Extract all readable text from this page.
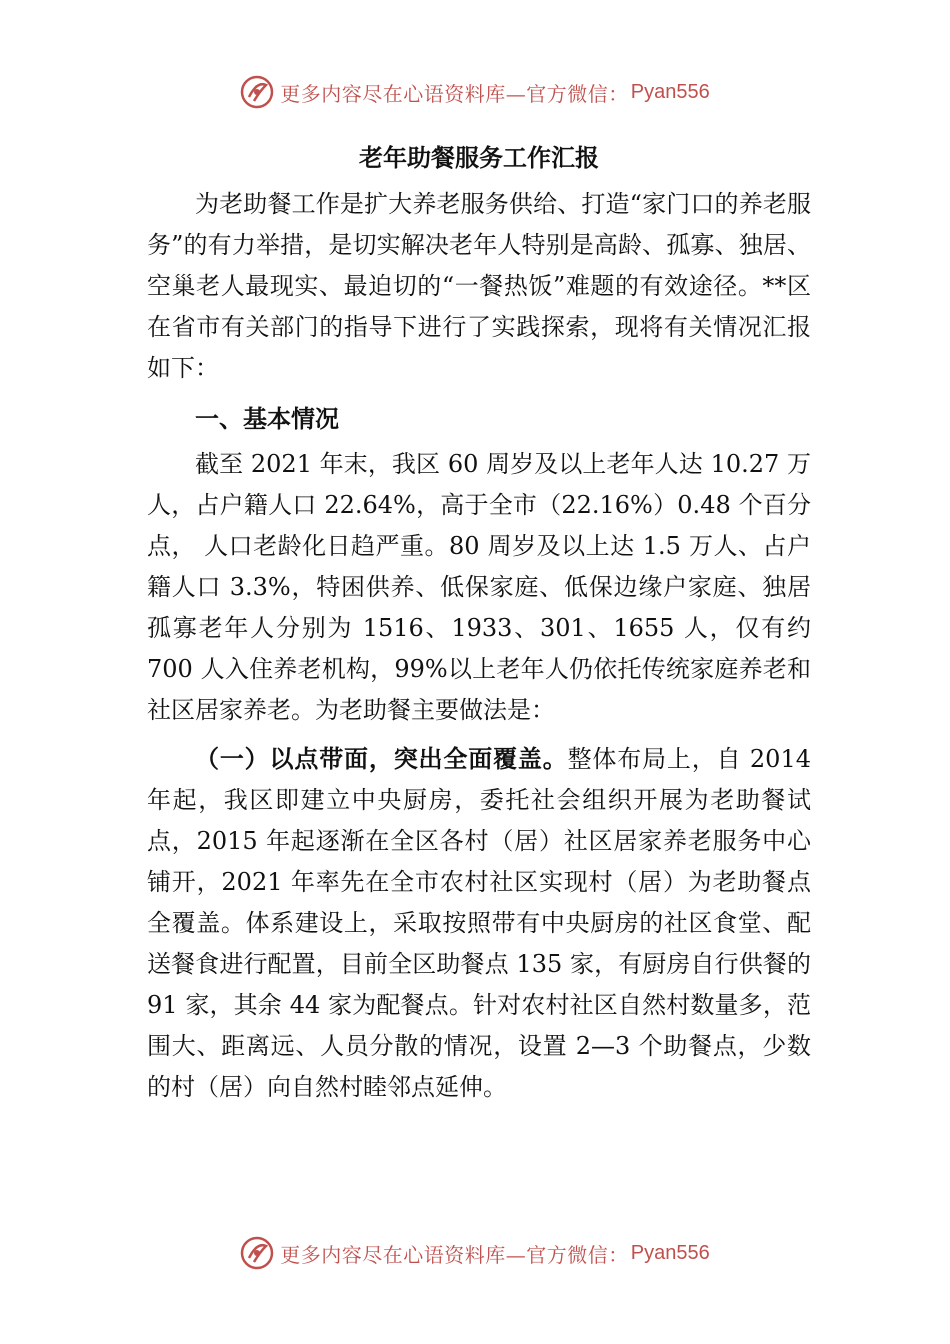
更多内容尽在心语资料库—官方微信： Pyan556
老年助餐服务工作汇报

为老助餐工作是扩大养老服务供给、打造“家门口的养老服务”的有力举措，是切实解决老年人特别是高龄、孤寡、独居、空巢老人最现实、最迫切的“一餐热饭”难题的有效途径。**区在省市有关部门的指导下进行了实践探索，现将有关情况汇报如下：

一、基本情况

截至 2021 年末，我区 60 周岁及以上老年人达 10.27 万人，占户籍人口 22.64%，高于全市（22.16%）0.48 个百分点， 人口老龄化日趋严重。80 周岁及以上达 1.5 万人、占户籍人口 3.3%，特困供养、低保家庭、低保边缘户家庭、独居孤寡老年人分别为 1516、1933、301、1655 人，仅有约 700 人入住养老机构，99%以上老年人仍依托传统家庭养老和社区居家养老。为老助餐主要做法是：

（一）以点带面，突出全面覆盖。整体布局上，自 2014 年起，我区即建立中央厨房，委托社会组织开展为老助餐试点，2015 年起逐渐在全区各村（居）社区居家养老服务中心铺开，2021 年率先在全市农村社区实现村（居）为老助餐点全覆盖。体系建设上，采取按照带有中央厨房的社区食堂、配送餐食进行配置，目前全区助餐点 135 家，有厨房自行供餐的 91 家，其余 44 家为配餐点。针对农村社区自然村数量多，范围大、距离远、人员分散的情况，设置 2—3 个助餐点，少数的村（居）向自然村睦邻点延伸。

更多内容尽在心语资料库—官方微信： Pyan556
